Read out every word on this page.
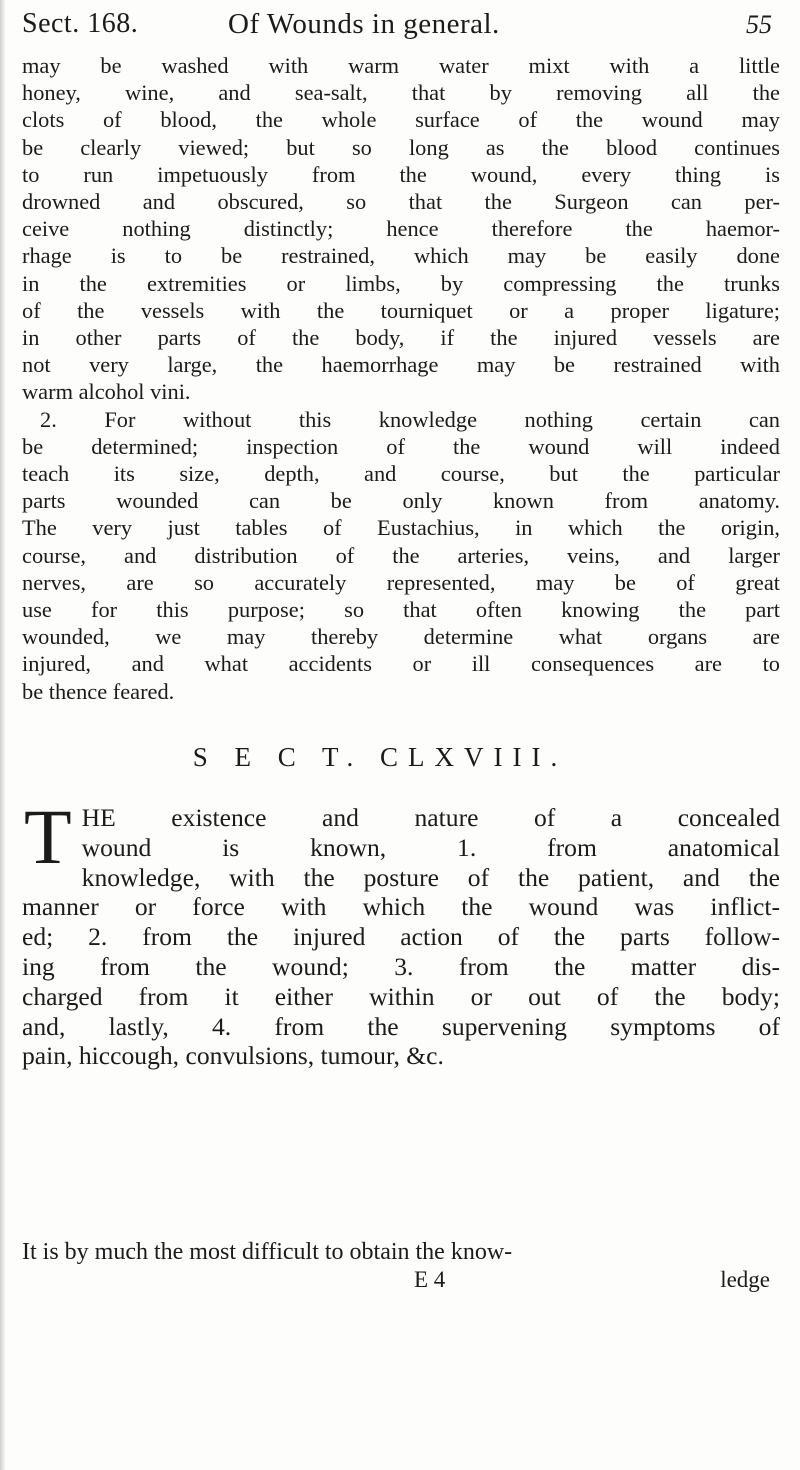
Sect. 168.	Of Wounds in general.	55

may be washed with warm water mixt with a little
honey, wine, and sea-salt, that by removing all the
clots of blood, the whole surface of the wound may
be clearly viewed; but so long as the blood continues
to run impetuously from the wound, every thing is
drowned and obscured, so that the Surgeon can per-
ceive nothing distinctly; hence therefore the haemor-
rhage is to be restrained, which may be easily done
in the extremities or limbs, by compressing the trunks
of the vessels with the tourniquet or a proper ligature;
in other parts of the body, if the injured vessels are
not very large, the haemorrhage may be restrained with
warm alcohol vini.

2. For without this knowledge nothing certain can
be determined; inspection of the wound will indeed
teach its size, depth, and course, but the particular
parts wounded can be only known from anatomy.
The very just tables of Eustachius, in which the origin,
course, and distribution of the arteries, veins, and larger
nerves, are so accurately represented, may be of great
use for this purpose; so that often knowing the part
wounded, we may thereby determine what organs are
injured, and what accidents or ill consequences are to
be thence feared.

S E C T. CLXVIII.

T HE existence and nature of a concealed
wound is known, 1. from anatomical
knowledge, with the posture of the patient, and the
manner or force with which the wound was inflict-
ed; 2. from the injured action of the parts follow-
ing from the wound; 3. from the matter dis-
charged from it either within or out of the body;
and, lastly, 4. from the supervening symptoms of
pain, hiccough, convulsions, tumour, &c.

It is by much the most difficult to obtain the know-
E 4	ledge
